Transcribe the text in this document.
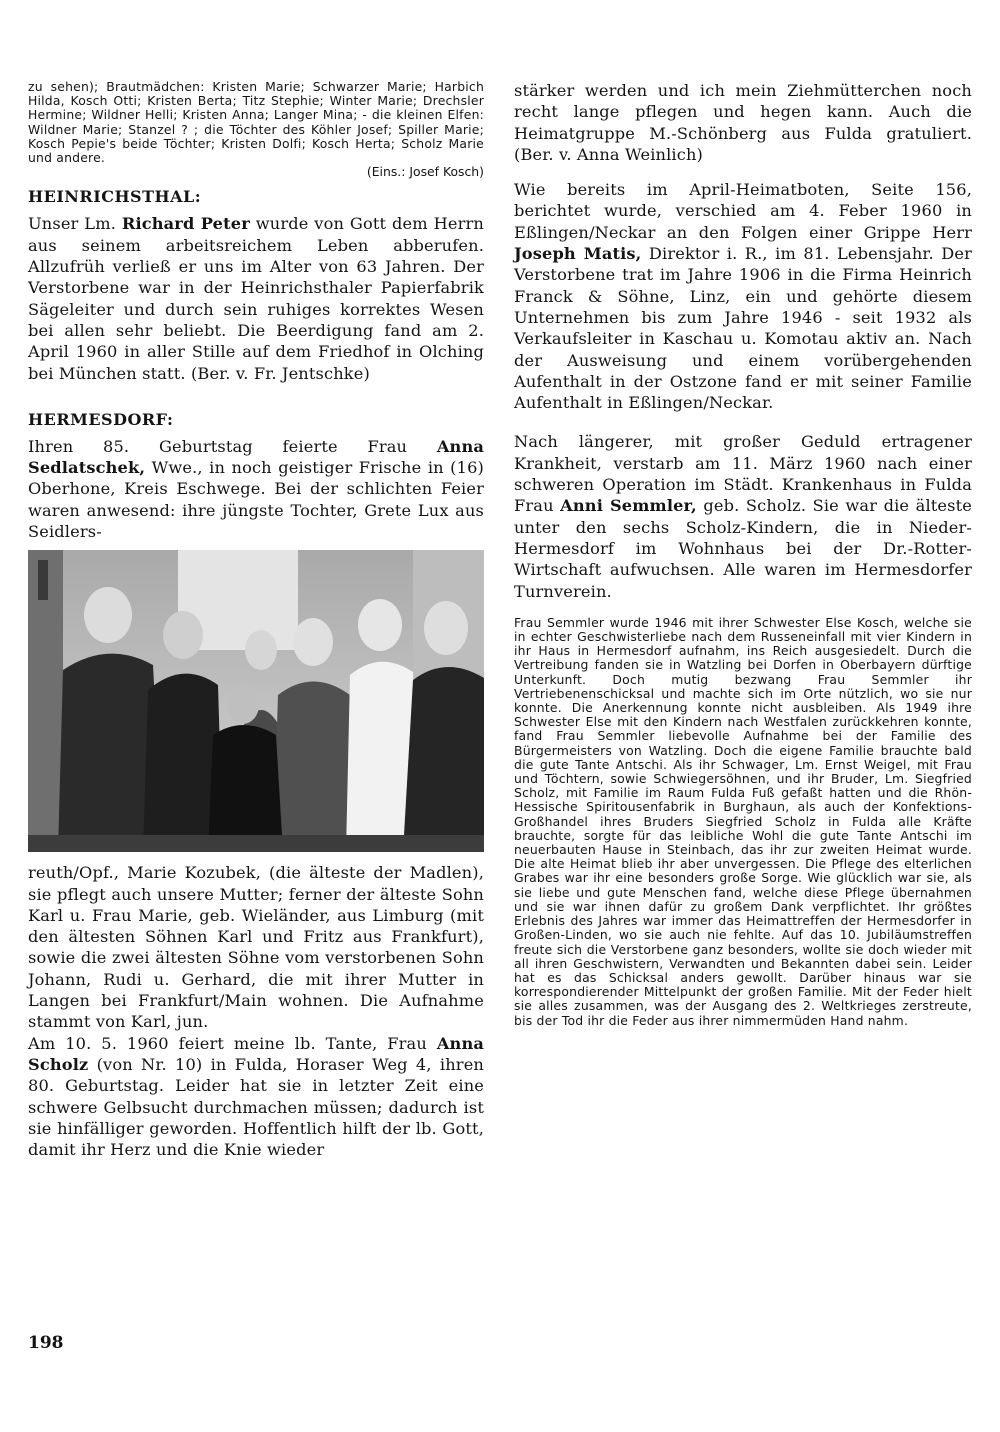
zu sehen); Brautmädchen: Kristen Marie; Schwarzer Marie; Harbich Hilda, Kosch Otti; Kristen Berta; Titz Stephie; Winter Marie; Drechsler Hermine; Wildner Helli; Kristen Anna; Langer Mina; - die kleinen Elfen: Wildner Marie; Stanzel ? ; die Töchter des Köhler Josef; Spiller Marie; Kosch Pepie's beide Töchter; Kristen Dolfi; Kosch Herta; Scholz Marie und andere.

(Eins.: Josef Kosch)

HEINRICHSTHAL:

Unser Lm. Richard Peter wurde von Gott dem Herrn aus seinem arbeitsreichem Leben abberufen. Allzufrüh verließ er uns im Alter von 63 Jahren. Der Verstorbene war in der Heinrichsthaler Papierfabrik Sägeleiter und durch sein ruhiges korrektes Wesen bei allen sehr beliebt. Die Beerdigung fand am 2. April 1960 in aller Stille auf dem Friedhof in Olching bei München statt. (Ber. v. Fr. Jentschke)

HERMESDORF:

Ihren 85. Geburtstag feierte Frau Anna Sedlatschek, Wwe., in noch geistiger Frische in (16) Oberhone, Kreis Eschwege. Bei der schlichten Feier waren anwesend: ihre jüngste Tochter, Grete Lux aus Seidlers-

reuth/Opf., Marie Kozubek, (die älteste der Madlen), sie pflegt auch unsere Mutter; ferner der älteste Sohn Karl u. Frau Marie, geb. Wieländer, aus Limburg (mit den ältesten Söhnen Karl und Fritz aus Frankfurt), sowie die zwei ältesten Söhne vom verstorbenen Sohn Johann, Rudi u. Gerhard, die mit ihrer Mutter in Langen bei Frankfurt/Main wohnen. Die Aufnahme stammt von Karl, jun.

Am 10. 5. 1960 feiert meine lb. Tante, Frau Anna Scholz (von Nr. 10) in Fulda, Horaser Weg 4, ihren 80. Geburtstag. Leider hat sie in letzter Zeit eine schwere Gelbsucht durchmachen müssen; dadurch ist sie hinfälliger geworden. Hoffentlich hilft der lb. Gott, damit ihr Herz und die Knie wieder

stärker werden und ich mein Ziehmütterchen noch recht lange pflegen und hegen kann. Auch die Heimatgruppe M.-Schönberg aus Fulda gratuliert. (Ber. v. Anna Weinlich)

Wie bereits im April-Heimatboten, Seite 156, berichtet wurde, verschied am 4. Feber 1960 in Eßlingen/Neckar an den Folgen einer Grippe Herr Joseph Matis, Direktor i. R., im 81. Lebensjahr. Der Verstorbene trat im Jahre 1906 in die Firma Heinrich Franck & Söhne, Linz, ein und gehörte diesem Unternehmen bis zum Jahre 1946 - seit 1932 als Verkaufsleiter in Kaschau u. Komotau aktiv an. Nach der Ausweisung und einem vorübergehenden Aufenthalt in der Ostzone fand er mit seiner Familie Aufenthalt in Eßlingen/Neckar.

Nach längerer, mit großer Geduld ertragener Krankheit, verstarb am 11. März 1960 nach einer schweren Operation im Städt. Krankenhaus in Fulda Frau Anni Semmler, geb. Scholz. Sie war die älteste unter den sechs Scholz-Kindern, die in Nieder-Hermesdorf im Wohnhaus bei der Dr.-Rotter-Wirtschaft aufwuchsen. Alle waren im Hermesdorfer Turnverein.

Frau Semmler wurde 1946 mit ihrer Schwester Else Kosch, welche sie in echter Geschwisterliebe nach dem Russeneinfall mit vier Kindern in ihr Haus in Hermesdorf aufnahm, ins Reich ausgesiedelt. Durch die Vertreibung fanden sie in Watzling bei Dorfen in Oberbayern dürftige Unterkunft. Doch mutig bezwang Frau Semmler ihr Vertriebenenschicksal und machte sich im Orte nützlich, wo sie nur konnte. Die Anerkennung konnte nicht ausbleiben. Als 1949 ihre Schwester Else mit den Kindern nach Westfalen zurückkehren konnte, fand Frau Semmler liebevolle Aufnahme bei der Familie des Bürgermeisters von Watzling. Doch die eigene Familie brauchte bald die gute Tante Antschi. Als ihr Schwager, Lm. Ernst Weigel, mit Frau und Töchtern, sowie Schwiegersöhnen, und ihr Bruder, Lm. Siegfried Scholz, mit Familie im Raum Fulda Fuß gefaßt hatten und die Rhön-Hessische Spiritousenfabrik in Burghaun, als auch der Konfektions-Großhandel ihres Bruders Siegfried Scholz in Fulda alle Kräfte brauchte, sorgte für das leibliche Wohl die gute Tante Antschi im neuerbauten Hause in Steinbach, das ihr zur zweiten Heimat wurde. Die alte Heimat blieb ihr aber unvergessen. Die Pflege des elterlichen Grabes war ihr eine besonders große Sorge. Wie glücklich war sie, als sie liebe und gute Menschen fand, welche diese Pflege übernahmen und sie war ihnen dafür zu großem Dank verpflichtet. Ihr größtes Erlebnis des Jahres war immer das Heimattreffen der Hermesdorfer in Großen-Linden, wo sie auch nie fehlte. Auf das 10. Jubiläumstreffen freute sich die Verstorbene ganz besonders, wollte sie doch wieder mit all ihren Geschwistern, Verwandten und Bekannten dabei sein. Leider hat es das Schicksal anders gewollt. Darüber hinaus war sie korrespondierender Mittelpunkt der großen Familie. Mit der Feder hielt sie alles zusammen, was der Ausgang des 2. Weltkrieges zerstreute, bis der Tod ihr die Feder aus ihrer nimmermüden Hand nahm.

198
